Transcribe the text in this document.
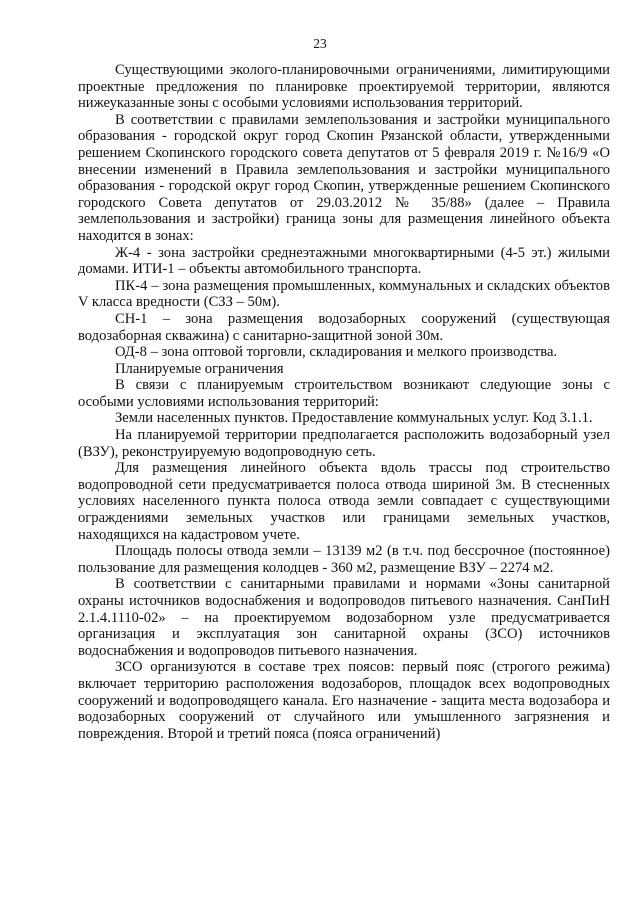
23

Существующими эколого-планировочными ограничениями, лимитирующими проектные предложения по планировке проектируемой территории, являются нижеуказанные зоны с особыми условиями использования территорий.

В соответствии с правилами землепользования и застройки муниципального образования - городской округ город Скопин Рязанской области, утвержденными решением Скопинского городского совета депутатов от 5 февраля 2019 г. №16/9 «О внесении изменений в Правила землепользования и застройки муниципального образования - городской округ город Скопин, утвержденные решением Скопинского городского Совета депутатов от 29.03.2012 № 35/88» (далее – Правила землепользования и застройки) граница зоны для размещения линейного объекта находится в зонах:

Ж-4 - зона застройки среднеэтажными многоквартирными (4-5 эт.) жилыми домами. ИТИ-1 – объекты автомобильного транспорта.

ПК-4 – зона размещения промышленных, коммунальных и складских объектов V класса вредности (СЗЗ – 50м).

СН-1 – зона размещения водозаборных сооружений (существующая водозаборная скважина) с санитарно-защитной зоной 30м.

ОД-8 – зона оптовой торговли, складирования и мелкого производства.

Планируемые ограничения

В связи с планируемым строительством возникают следующие зоны с особыми условиями использования территорий:

Земли населенных пунктов. Предоставление коммунальных услуг. Код 3.1.1.

На планируемой территории предполагается расположить водозаборный узел (ВЗУ), реконструируемую водопроводную сеть.

Для размещения линейного объекта вдоль трассы под строительство водопроводной сети предусматривается полоса отвода шириной 3м. В стесненных условиях населенного пункта полоса отвода земли совпадает с существующими ограждениями земельных участков или границами земельных участков, находящихся на кадастровом учете.

Площадь полосы отвода земли – 13139 м2 (в т.ч. под бессрочное (постоянное) пользование для размещения колодцев - 360 м2, размещение ВЗУ – 2274 м2.

В соответствии с санитарными правилами и нормами «Зоны санитарной охраны источников водоснабжения и водопроводов питьевого назначения. СанПиН 2.1.4.1110-02» – на проектируемом водозаборном узле предусматривается организация и эксплуатация зон санитарной охраны (ЗСО) источников водоснабжения и водопроводов питьевого назначения.

ЗСО организуются в составе трех поясов: первый пояс (строгого режима) включает территорию расположения водозаборов, площадок всех водопроводных сооружений и водопроводящего канала. Его назначение - защита места водозабора и водозаборных сооружений от случайного или умышленного загрязнения и повреждения. Второй и третий пояса (пояса ограничений)
